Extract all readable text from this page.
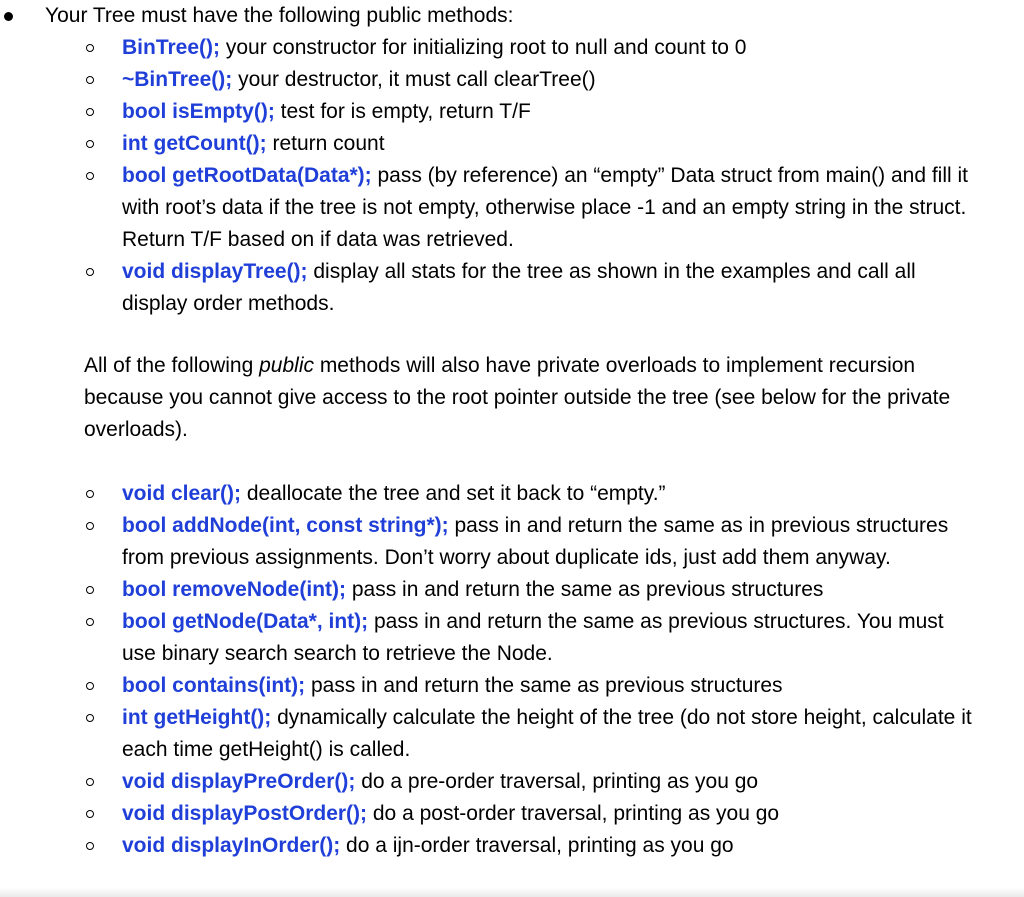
Your Tree must have the following public methods:
BinTree(); your constructor for initializing root to null and count to 0
~BinTree(); your destructor, it must call clearTree()
bool isEmpty(); test for is empty, return T/F
int getCount(); return count
bool getRootData(Data*); pass (by reference) an “empty” Data struct from main() and fill it with root’s data if the tree is not empty, otherwise place -1 and an empty string in the struct. Return T/F based on if data was retrieved.
void displayTree(); display all stats for the tree as shown in the examples and call all display order methods.
All of the following public methods will also have private overloads to implement recursion because you cannot give access to the root pointer outside the tree (see below for the private overloads).
void clear(); deallocate the tree and set it back to “empty.”
bool addNode(int, const string*); pass in and return the same as in previous structures from previous assignments. Don’t worry about duplicate ids, just add them anyway.
bool removeNode(int); pass in and return the same as previous structures
bool getNode(Data*, int); pass in and return the same as previous structures. You must use binary search search to retrieve the Node.
bool contains(int); pass in and return the same as previous structures
int getHeight(); dynamically calculate the height of the tree (do not store height, calculate it each time getHeight() is called.
void displayPreOrder(); do a pre-order traversal, printing as you go
void displayPostOrder(); do a post-order traversal, printing as you go
void displayInOrder(); do a ijn-order traversal, printing as you go
